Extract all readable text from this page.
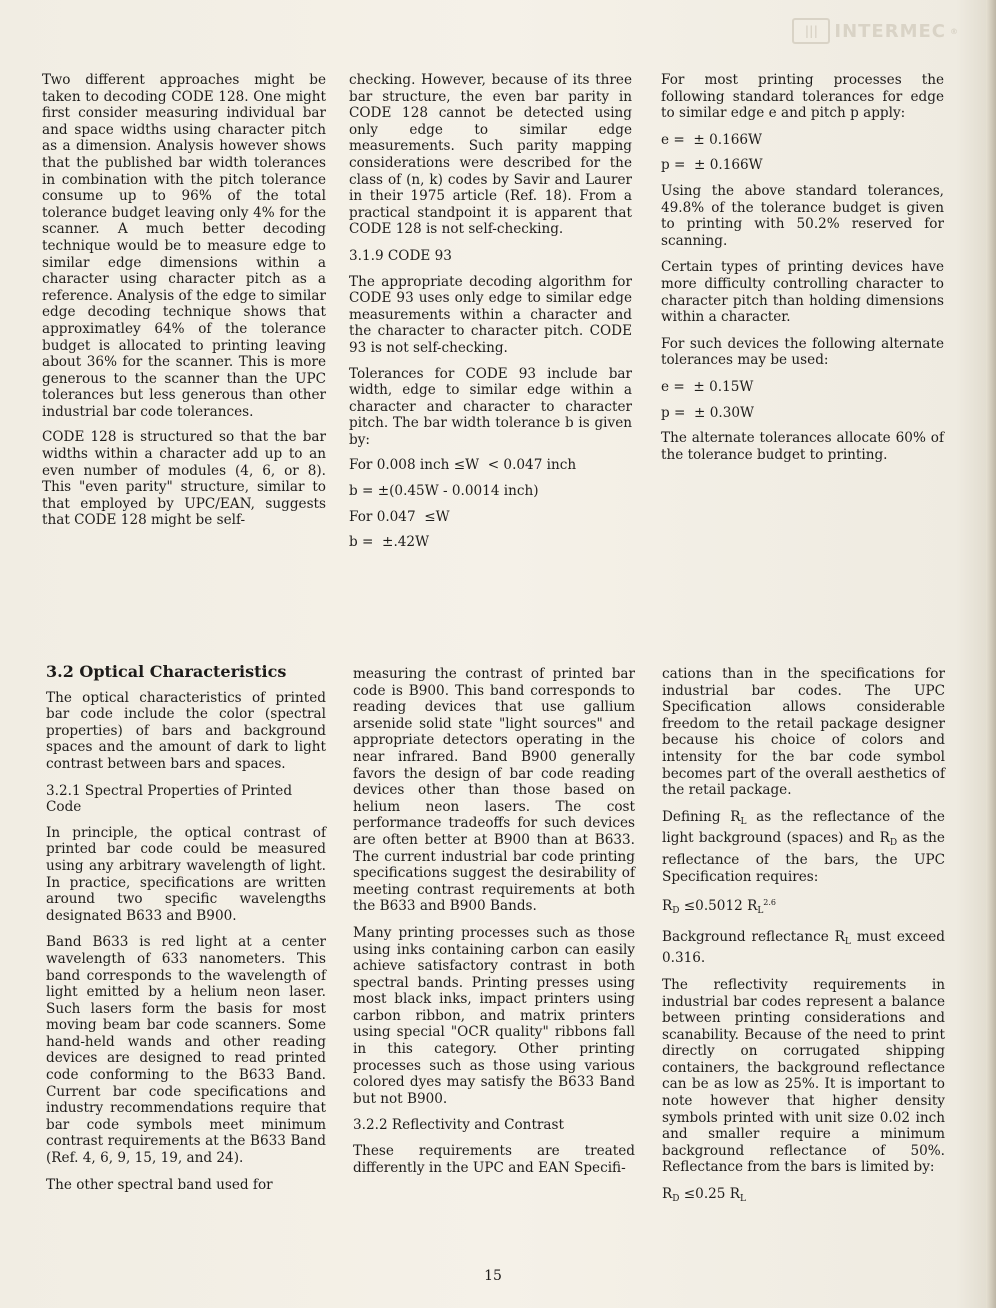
||| INTERMEC ®

Two different approaches might be taken to decoding CODE 128. One might first consider measuring individual bar and space widths using character pitch as a dimension. Analysis however shows that the published bar width tolerances in combination with the pitch tolerance consume up to 96% of the total tolerance budget leaving only 4% for the scanner. A much better decoding technique would be to measure edge to similar edge dimensions within a character using character pitch as a reference. Analysis of the edge to similar edge decoding technique shows that approximatley 64% of the tolerance budget is allocated to printing leaving about 36% for the scanner. This is more generous to the scanner than the UPC tolerances but less generous than other industrial bar code tolerances.

CODE 128 is structured so that the bar widths within a character add up to an even number of modules (4, 6, or 8). This "even parity" structure, similar to that employed by UPC/EAN, suggests that CODE 128 might be self-

checking. However, because of its three bar structure, the even bar parity in CODE 128 cannot be detected using only edge to similar edge measurements. Such parity mapping considerations were described for the class of (n, k) codes by Savir and Laurer in their 1975 article (Ref. 18). From a practical standpoint it is apparent that CODE 128 is not self-checking.

3.1.9 CODE 93

The appropriate decoding algorithm for CODE 93 uses only edge to similar edge measurements within a character and the character to character pitch. CODE 93 is not self-checking.

Tolerances for CODE 93 include bar width, edge to similar edge within a character and character to character pitch. The bar width tolerance b is given by:

For 0.008 inch ≤W  < 0.047 inch

b = ±(0.45W - 0.0014 inch)

For 0.047  ≤W

b =  ±.42W

For most printing processes the following standard tolerances for edge to similar edge e and pitch p apply:

e =  ± 0.166W

p =  ± 0.166W

Using the above standard tolerances, 49.8% of the tolerance budget is given to printing with 50.2% reserved for scanning.

Certain types of printing devices have more difficulty controlling character to character pitch than holding dimensions within a character.

For such devices the following alternate tolerances may be used:

e =  ± 0.15W

p =  ± 0.30W

The alternate tolerances allocate 60% of the tolerance budget to printing.

3.2 Optical Characteristics

The optical characteristics of printed bar code include the color (spectral properties) of bars and background spaces and the amount of dark to light contrast between bars and spaces.

3.2.1 Spectral Properties of Printed Code

In principle, the optical contrast of printed bar code could be measured using any arbitrary wavelength of light. In practice, specifications are written around two specific wavelengths designated B633 and B900.

Band B633 is red light at a center wavelength of 633 nanometers. This band corresponds to the wavelength of light emitted by a helium neon laser. Such lasers form the basis for most moving beam bar code scanners. Some hand-held wands and other reading devices are designed to read printed code conforming to the B633 Band. Current bar code specifications and industry recommendations require that bar code symbols meet minimum contrast requirements at the B633 Band (Ref. 4, 6, 9, 15, 19, and 24).

The other spectral band used for

measuring the contrast of printed bar code is B900. This band corresponds to reading devices that use gallium arsenide solid state "light sources" and appropriate detectors operating in the near infrared. Band B900 generally favors the design of bar code reading devices other than those based on helium neon lasers. The cost performance tradeoffs for such devices are often better at B900 than at B633. The current industrial bar code printing specifications suggest the desirability of meeting contrast requirements at both the B633 and B900 Bands.

Many printing processes such as those using inks containing carbon can easily achieve satisfactory contrast in both spectral bands. Printing presses using most black inks, impact printers using carbon ribbon, and matrix printers using special "OCR quality" ribbons fall in this category. Other printing processes such as those using various colored dyes may satisfy the B633 Band but not B900.

3.2.2 Reflectivity and Contrast

These requirements are treated differently in the UPC and EAN Specifi-

cations than in the specifications for industrial bar codes. The UPC Specification allows considerable freedom to the retail package designer because his choice of colors and intensity for the bar code symbol becomes part of the overall aesthetics of the retail package.

Defining $R_L$ as the reflectance of the light background (spaces) and $R_D$ as the reflectance of the bars, the UPC Specification requires:

$R_D \le 0.5012$ $R_L^{2.6}$

Background reflectance $R_L$ must exceed 0.316.

The reflectivity requirements in industrial bar codes represent a balance between printing considerations and scanability. Because of the need to print directly on corrugated shipping containers, the background reflectance can be as low as 25%. It is important to note however that higher density symbols printed with unit size 0.02 inch and smaller require a minimum background reflectance of 50%. Reflectance from the bars is limited by:

$R_D \le 0.25$ $R_L$

15
